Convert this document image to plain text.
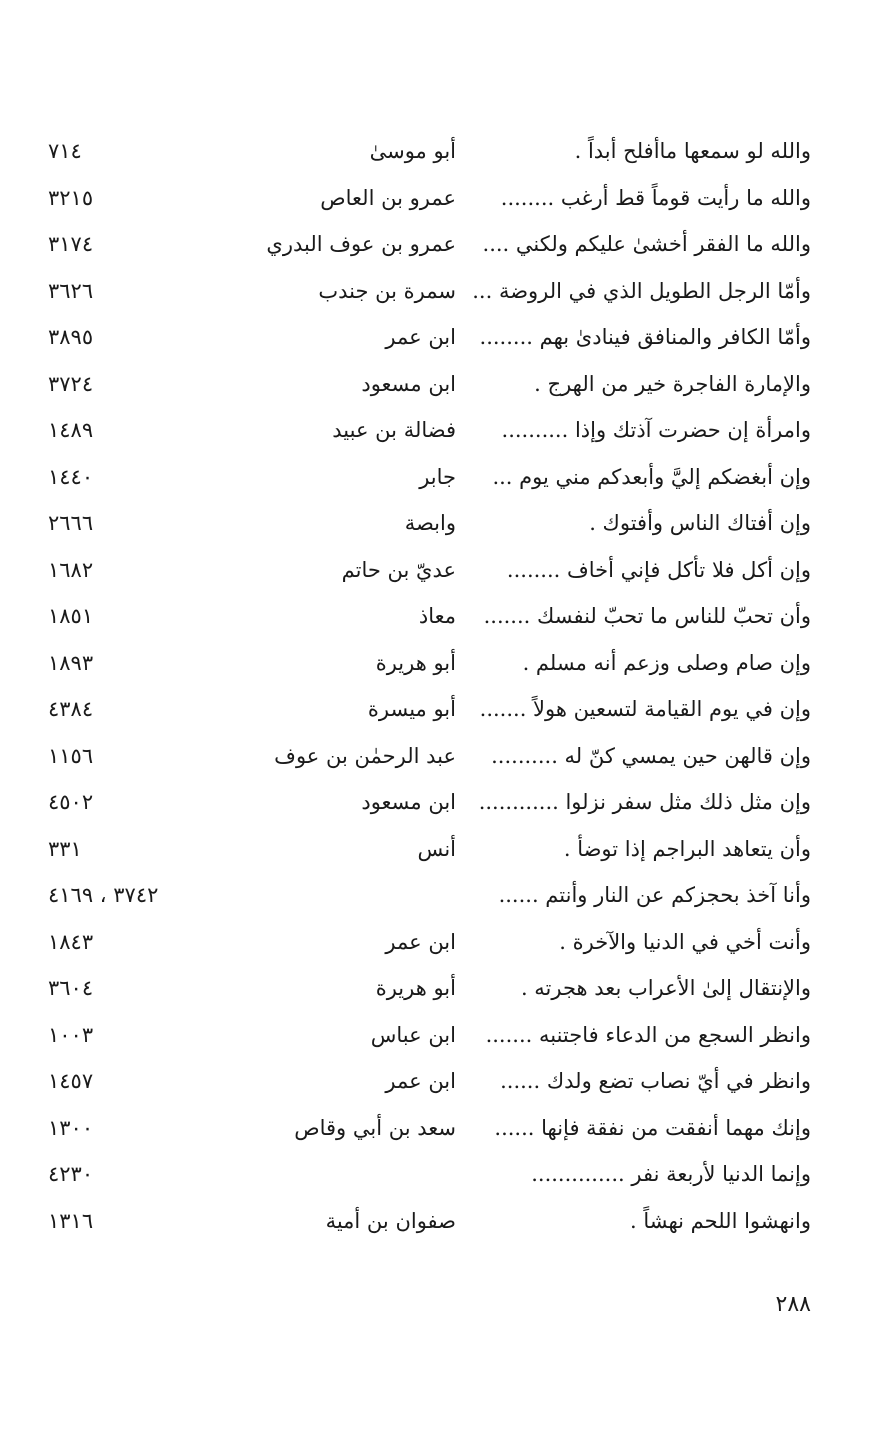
والله لو سمعها ماأفلح أبداً .
أبو موسىٰ
٧١٤
والله ما رأيت قوماً قط أرغب ........
عمرو بن العاص
٣٢١٥
والله ما الفقر أخشىٰ عليكم ولكني ....
عمرو بن عوف البدري
٣١٧٤
وأمّا الرجل الطويل الذي في الروضة ...
سمرة بن جندب
٣٦٢٦
وأمّا الكافر والمنافق فينادىٰ بهم ........
ابن عمر
٣٨٩٥
والإمارة الفاجرة خير من الهرج .
ابن مسعود
٣٧٢٤
وامرأة إن حضرت آذتك وإذا ..........
فضالة بن عبيد
١٤٨٩
وإن أبغضكم إليَّ وأبعدكم مني يوم ...
جابر
١٤٤٠
وإن أفتاك الناس وأفتوك .
وابصة
٢٦٦٦
وإن أكل فلا تأكل فإني أخاف ........
عديّ بن حاتم
١٦٨٢
وأن تحبّ للناس ما تحبّ لنفسك .......
معاذ
١٨٥١
وإن صام وصلى وزعم أنه مسلم .
أبو هريرة
١٨٩٣
وإن في يوم القيامة لتسعين هولاً .......
أبو ميسرة
٤٣٨٤
وإن قالهن حين يمسي كنّ له ..........
عبد الرحمٰن بن عوف
١١٥٦
وإن مثل ذلك مثل سفر نزلوا ............
ابن مسعود
٤٥٠٢
وأن يتعاهد البراجم إذا توضأ .
أنس
٣٣١
وأنا آخذ بحجزكم عن النار وأنتم ......
٣٧٤٢ ، ٤١٦٩
وأنت أخي في الدنيا والآخرة .
ابن عمر
١٨٤٣
والإنتقال إلىٰ الأعراب بعد هجرته .
أبو هريرة
٣٦٠٤
وانظر السجع من الدعاء فاجتنبه .......
ابن عباس
١٠٠٣
وانظر في أيّ نصاب تضع ولدك ......
ابن عمر
١٤٥٧
وإنك مهما أنفقت من نفقة فإنها ......
سعد بن أبي وقاص
١٣٠٠
وإنما الدنيا لأربعة نفر ..............
٤٢٣٠
وانهشوا اللحم نهشاً .
صفوان بن أمية
١٣١٦
٢٨٨
